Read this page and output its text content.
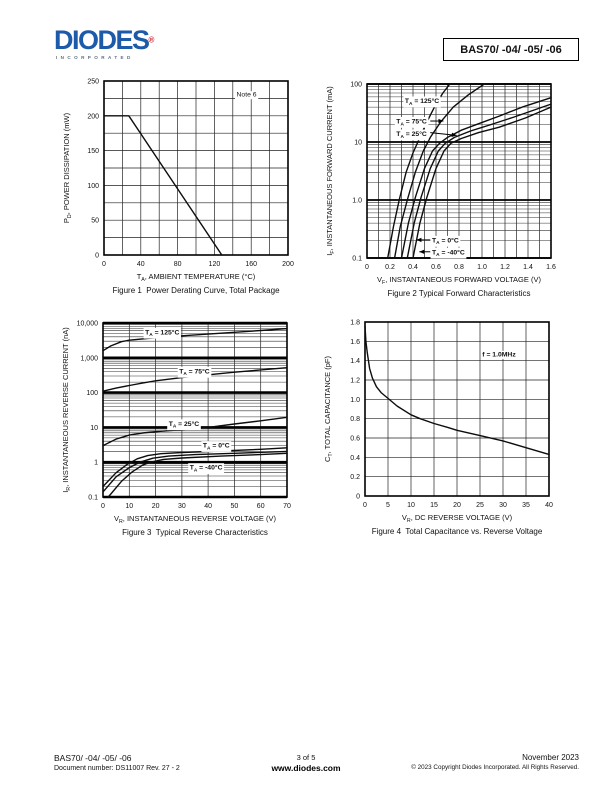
DIODES®
INCORPORATED
BAS70/ -04/ -05/ -06
0	40	80	120	160	200
0
50
100
150
200
250
$T_A$, AMBIENT TEMPERATURE (°C)
$P_D$, POWER DISSIPATION (mW)
Figure 1  Power Derating Curve, Total Package
Note 6
0 0.2 0.4 0.6 0.8 1.0 1.2 1.4 1.6
0.1
1.0
10
100
$V_F$, INSTANTANEOUS FORWARD VOLTAGE (V)
$I_F$, INSTANTANEOUS FORWARD CURRENT (mA)
Figure 2 Typical Forward Characteristics
$T_A = 125^\circ C$
$T_A = 75^\circ C$
$T_A = 25^\circ C$
$T_A = 0^\circ C$
$T_A = -40^\circ C$
0	10	20	30	40	50	60	70
0.1
1
10
100
1,000
10,000
$V_R$, INSTANTANEOUS REVERSE VOLTAGE (V)
$I_R$, INSTANTANEOUS REVERSE CURRENT (nA)
Figure 3  Typical Reverse Characteristics
$T_A = 125^\circ C$
$T_A = 75^\circ C$
$T_A = 25^\circ C$
$T_A = 0^\circ C$
$T_A = -40^\circ C$
0	5 10 15 20 25 30 35 40
0
0.2
0.4
0.6
0.8
1.0
1.2
1.4
1.6
1.8
$V_R$, DC REVERSE VOLTAGE (V)
$C_T$, TOTAL CAPACITANCE (pF)
Figure 4  Total Capacitance vs. Reverse Voltage
f = 1.0MHz
BAS70/ -04/ -05/ -06
Document number: DS11007 Rev. 27 - 2
3 of 5
www.diodes.com
November 2023
© 2023 Copyright Diodes Incorporated. All Rights Reserved.
